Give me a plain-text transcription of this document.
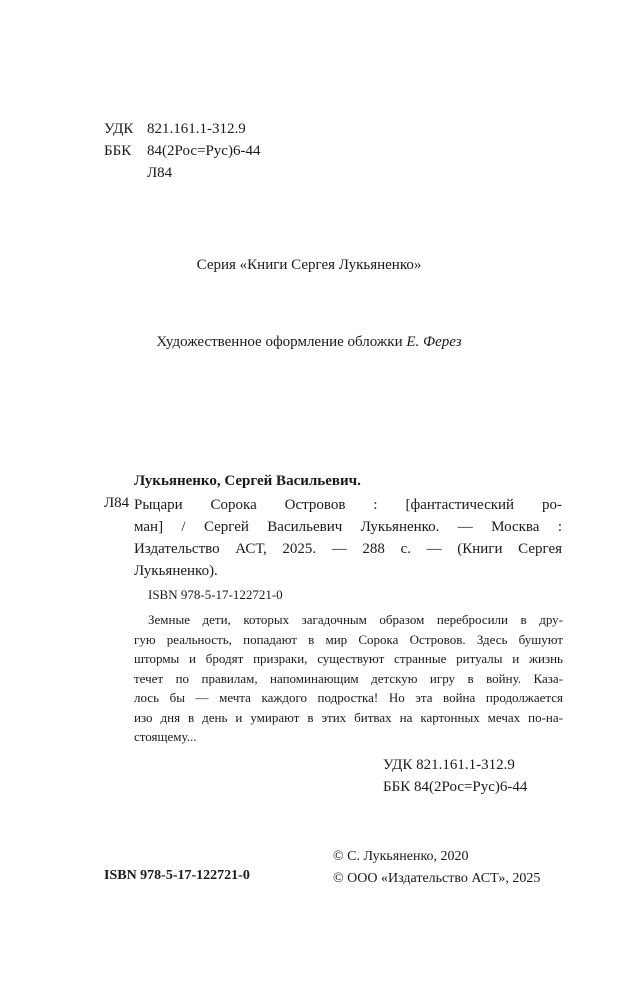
УДК 821.161.1-312.9
ББК 84(2Рос=Рус)6-44
Л84
Серия «Книги Сергея Лукьяненко»
Художественное оформление обложки Е. Ферез
Лукьяненко, Сергей Васильевич.
Л84 Рыцари Сорока Островов : [фантастический ро-
ман] / Сергей Васильевич Лукьяненко. — Москва :
Издательство АСТ, 2025. — 288 с. — (Книги Сергея
Лукьяненко).
ISBN 978-5-17-122721-0
Земные дети, которых загадочным образом перебросили в дру-
гую реальность, попадают в мир Сорока Островов. Здесь бушуют
штормы и бродят призраки, существуют странные ритуалы и жизнь
течет по правилам, напоминающим детскую игру в войну. Каза-
лось бы — мечта каждого подростка! Но эта война продолжается
изо дня в день и умирают в этих битвах на картонных мечах по-на-
стоящему...
УДК 821.161.1-312.9
ББК 84(2Рос=Рус)6-44
ISBN 978-5-17-122721-0
© С. Лукьяненко, 2020
© ООО «Издательство АСТ», 2025
